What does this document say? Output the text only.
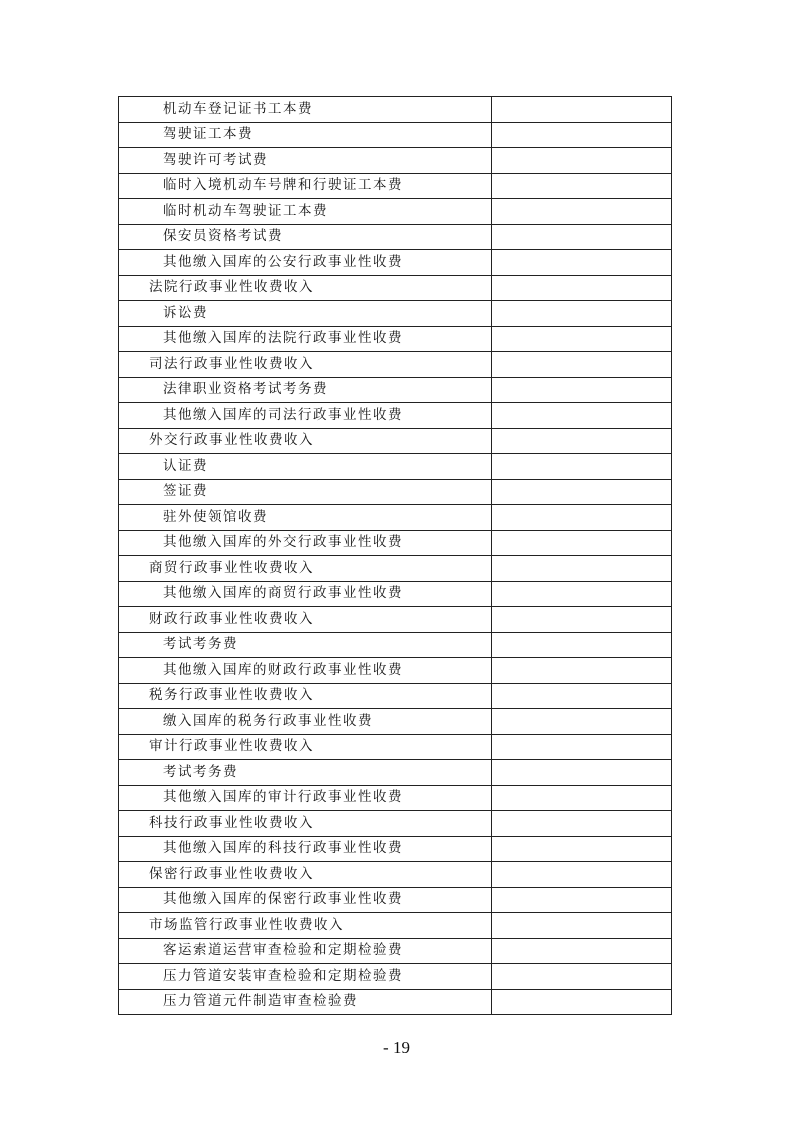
机动车登记证书工本费	
驾驶证工本费	
驾驶许可考试费	
临时入境机动车号牌和行驶证工本费	
临时机动车驾驶证工本费	
保安员资格考试费	
其他缴入国库的公安行政事业性收费	
法院行政事业性收费收入	
诉讼费	
其他缴入国库的法院行政事业性收费	
司法行政事业性收费收入	
法律职业资格考试考务费	
其他缴入国库的司法行政事业性收费	
外交行政事业性收费收入	
认证费	
签证费	
驻外使领馆收费	
其他缴入国库的外交行政事业性收费	
商贸行政事业性收费收入	
其他缴入国库的商贸行政事业性收费	
财政行政事业性收费收入	
考试考务费	
其他缴入国库的财政行政事业性收费	
税务行政事业性收费收入	
缴入国库的税务行政事业性收费	
审计行政事业性收费收入	
考试考务费	
其他缴入国库的审计行政事业性收费	
科技行政事业性收费收入	
其他缴入国库的科技行政事业性收费	
保密行政事业性收费收入	
其他缴入国库的保密行政事业性收费	
市场监管行政事业性收费收入	
客运索道运营审查检验和定期检验费	
压力管道安装审查检验和定期检验费	
压力管道元件制造审查检验费	
- 19
